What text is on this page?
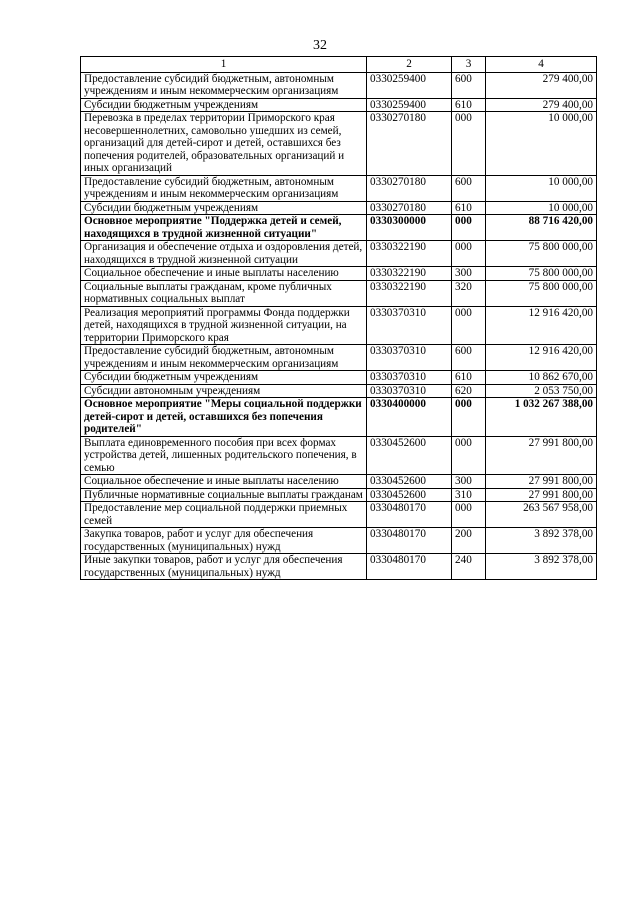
32
1	2	3	4
Предоставление субсидий бюджетным, автономным учреждениям и иным некоммерческим организациям	0330259400	600	279 400,00
Субсидии бюджетным учреждениям	0330259400	610	279 400,00
Перевозка в пределах территории Приморского края несовершеннолетних, самовольно ушедших из семей, организаций для детей-сирот и детей, оставшихся без попечения родителей, образовательных организаций и иных организаций	0330270180	000	10 000,00
Предоставление субсидий бюджетным, автономным учреждениям и иным некоммерческим организациям	0330270180	600	10 000,00
Субсидии бюджетным учреждениям	0330270180	610	10 000,00
Основное мероприятие "Поддержка детей и семей, находящихся в трудной жизненной ситуации"	0330300000	000	88 716 420,00
Организация и обеспечение отдыха и оздоровления детей, находящихся в трудной жизненной ситуации	0330322190	000	75 800 000,00
Социальное обеспечение и иные выплаты населению	0330322190	300	75 800 000,00
Социальные выплаты гражданам, кроме публичных нормативных социальных выплат	0330322190	320	75 800 000,00
Реализация мероприятий программы Фонда поддержки детей, находящихся в трудной жизненной ситуации, на территории Приморского края	0330370310	000	12 916 420,00
Предоставление субсидий бюджетным, автономным учреждениям и иным некоммерческим организациям	0330370310	600	12 916 420,00
Субсидии бюджетным учреждениям	0330370310	610	10 862 670,00
Субсидии автономным учреждениям	0330370310	620	2 053 750,00
Основное мероприятие "Меры социальной поддержки детей-сирот и детей, оставшихся без попечения родителей"	0330400000	000	1 032 267 388,00
Выплата единовременного пособия при всех формах устройства детей, лишенных родительского попечения, в семью	0330452600	000	27 991 800,00
Социальное обеспечение и иные выплаты населению	0330452600	300	27 991 800,00
Публичные нормативные социальные выплаты гражданам	0330452600	310	27 991 800,00
Предоставление мер социальной поддержки приемных семей	0330480170	000	263 567 958,00
Закупка товаров, работ и услуг для обеспечения государственных (муниципальных) нужд	0330480170	200	3 892 378,00
Иные закупки товаров, работ и услуг для обеспечения государственных (муниципальных) нужд	0330480170	240	3 892 378,00
